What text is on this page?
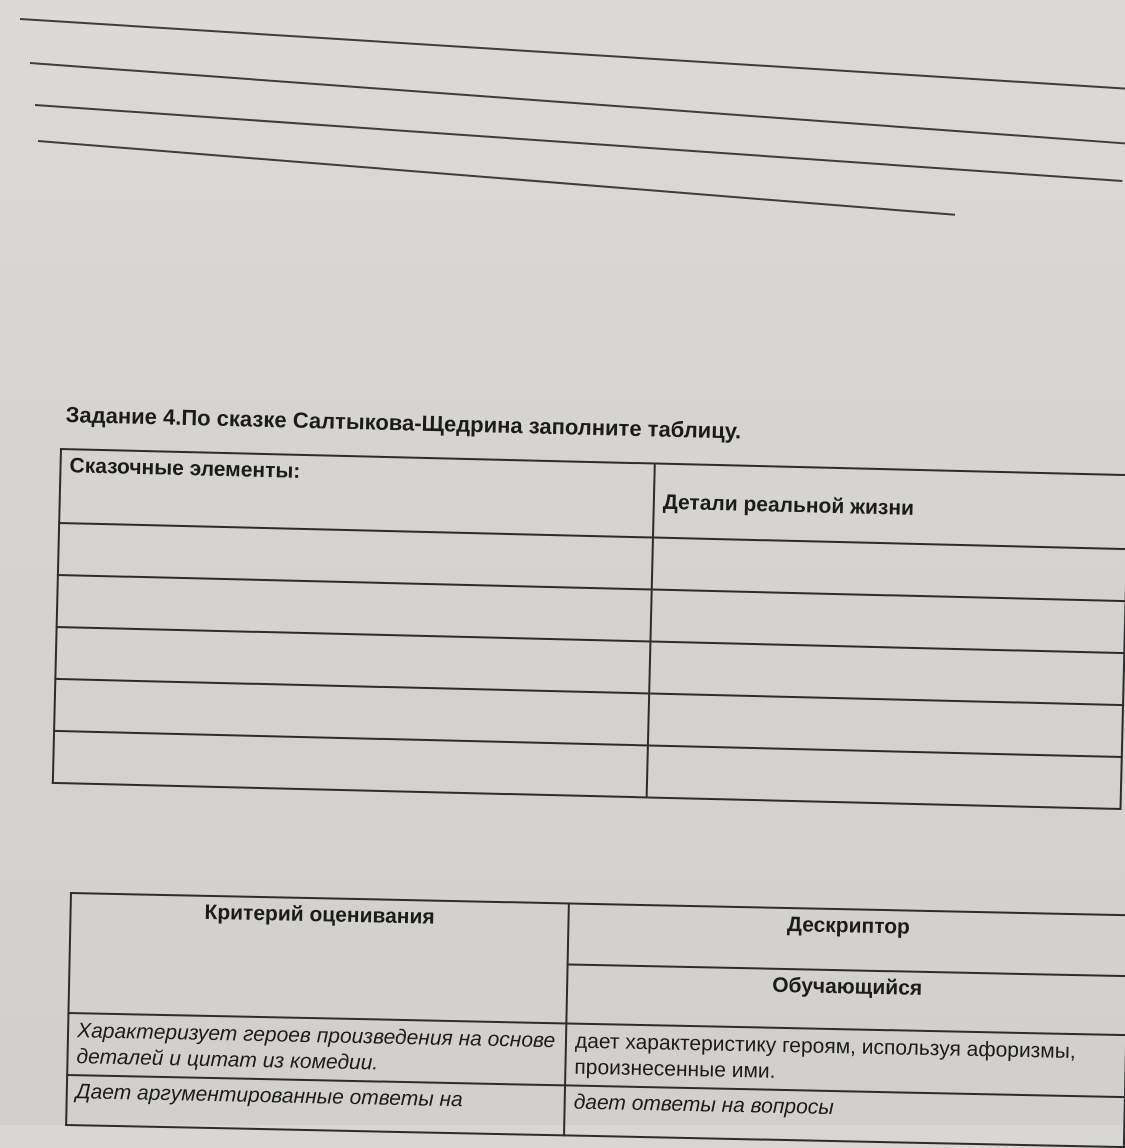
Задание 4.По сказке Салтыкова-Щедрина заполните таблицу.
Сказочные элементы:	Детали реальной жизни

Критерий оценивания	Дескриптор
	Обучающийся
Характеризует героев произведения на основе деталей и цитат из комедии.	дает характеристику героям, используя афоризмы, произнесенные ими.
Дает аргументированные ответы на	дает ответы на вопросы
